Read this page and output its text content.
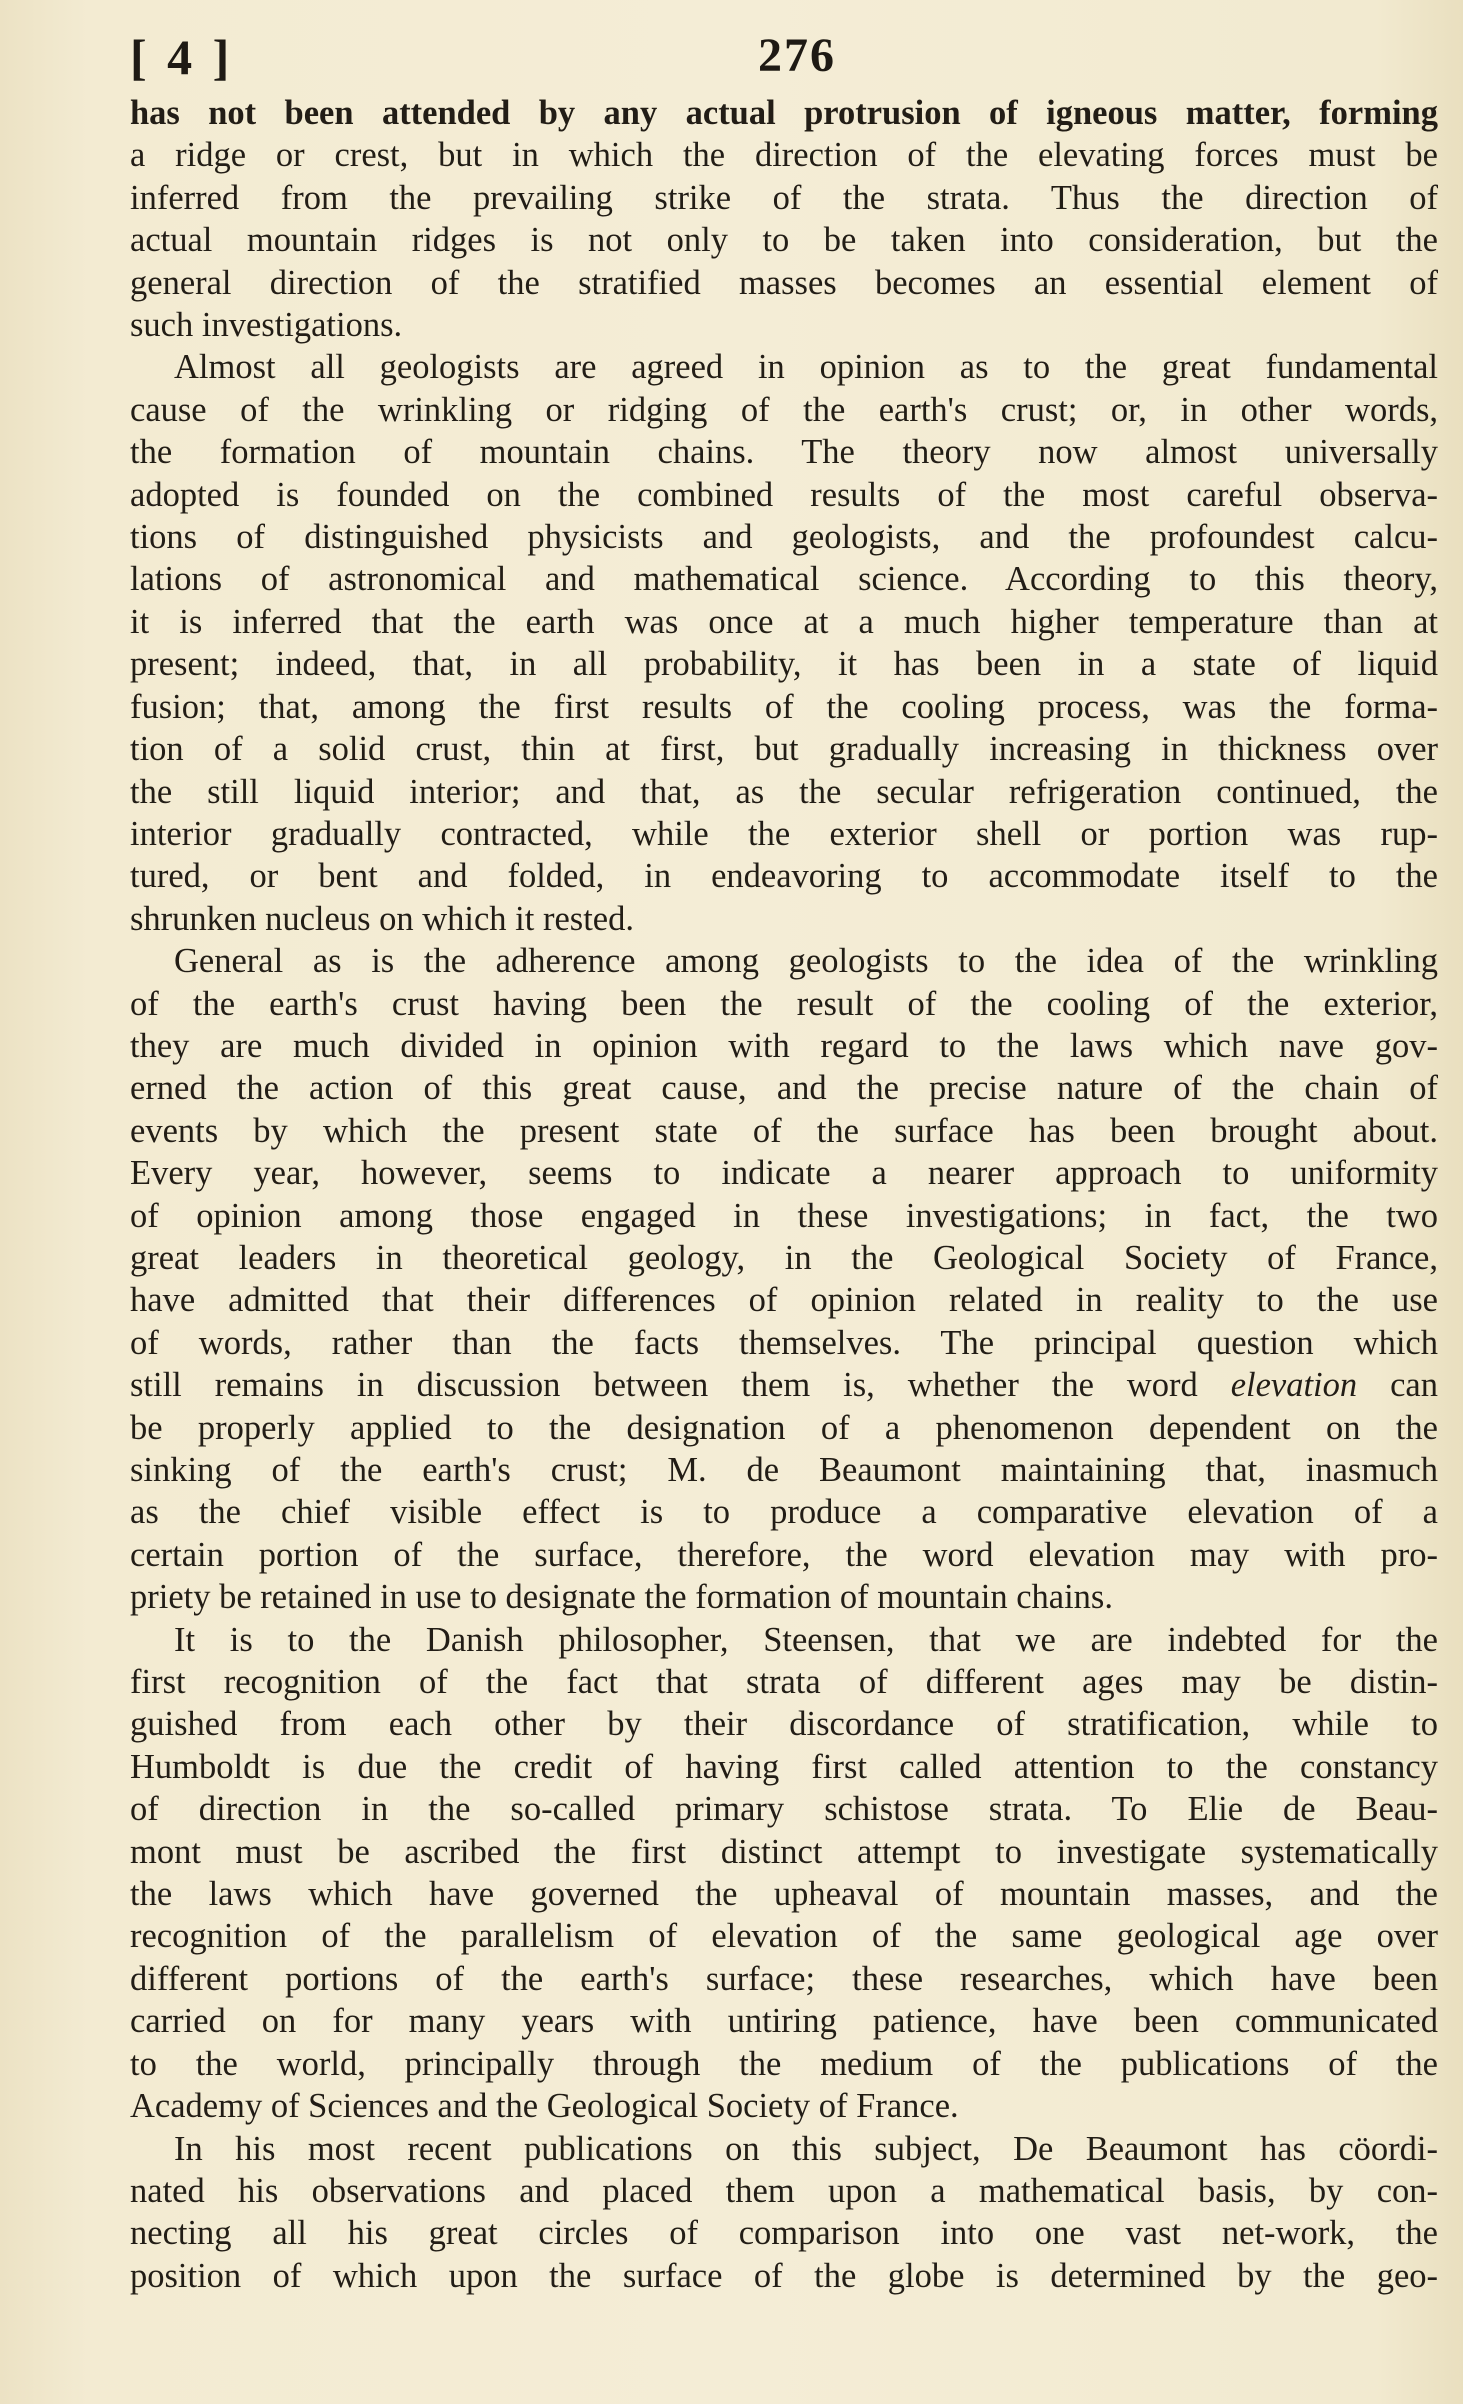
[ 4 ]	276
has not been attended by any actual protrusion of igneous matter, forming
a ridge or crest, but in which the direction of the elevating forces must be
inferred from the prevailing strike of the strata. Thus the direction of
actual mountain ridges is not only to be taken into consideration, but the
general direction of the stratified masses becomes an essential element of
such investigations.
Almost all geologists are agreed in opinion as to the great fundamental
cause of the wrinkling or ridging of the earth's crust; or, in other words,
the formation of mountain chains. The theory now almost universally
adopted is founded on the combined results of the most careful observa-
tions of distinguished physicists and geologists, and the profoundest calcu-
lations of astronomical and mathematical science. According to this theory,
it is inferred that the earth was once at a much higher temperature than at
present; indeed, that, in all probability, it has been in a state of liquid
fusion; that, among the first results of the cooling process, was the forma-
tion of a solid crust, thin at first, but gradually increasing in thickness over
the still liquid interior; and that, as the secular refrigeration continued, the
interior gradually contracted, while the exterior shell or portion was rup-
tured, or bent and folded, in endeavoring to accommodate itself to the
shrunken nucleus on which it rested.
General as is the adherence among geologists to the idea of the wrinkling
of the earth's crust having been the result of the cooling of the exterior,
they are much divided in opinion with regard to the laws which nave gov-
erned the action of this great cause, and the precise nature of the chain of
events by which the present state of the surface has been brought about.
Every year, however, seems to indicate a nearer approach to uniformity
of opinion among those engaged in these investigations; in fact, the two
great leaders in theoretical geology, in the Geological Society of France,
have admitted that their differences of opinion related in reality to the use
of words, rather than the facts themselves. The principal question which
still remains in discussion between them is, whether the word elevation can
be properly applied to the designation of a phenomenon dependent on the
sinking of the earth's crust; M. de Beaumont maintaining that, inasmuch
as the chief visible effect is to produce a comparative elevation of a
certain portion of the surface, therefore, the word elevation may with pro-
priety be retained in use to designate the formation of mountain chains.
It is to the Danish philosopher, Steensen, that we are indebted for the
first recognition of the fact that strata of different ages may be distin-
guished from each other by their discordance of stratification, while to
Humboldt is due the credit of having first called attention to the constancy
of direction in the so-called primary schistose strata. To Elie de Beau-
mont must be ascribed the first distinct attempt to investigate systematically
the laws which have governed the upheaval of mountain masses, and the
recognition of the parallelism of elevation of the same geological age over
different portions of the earth's surface; these researches, which have been
carried on for many years with untiring patience, have been communicated
to the world, principally through the medium of the publications of the
Academy of Sciences and the Geological Society of France.
In his most recent publications on this subject, De Beaumont has cöordi-
nated his observations and placed them upon a mathematical basis, by con-
necting all his great circles of comparison into one vast net-work, the
position of which upon the surface of the globe is determined by the geo-
